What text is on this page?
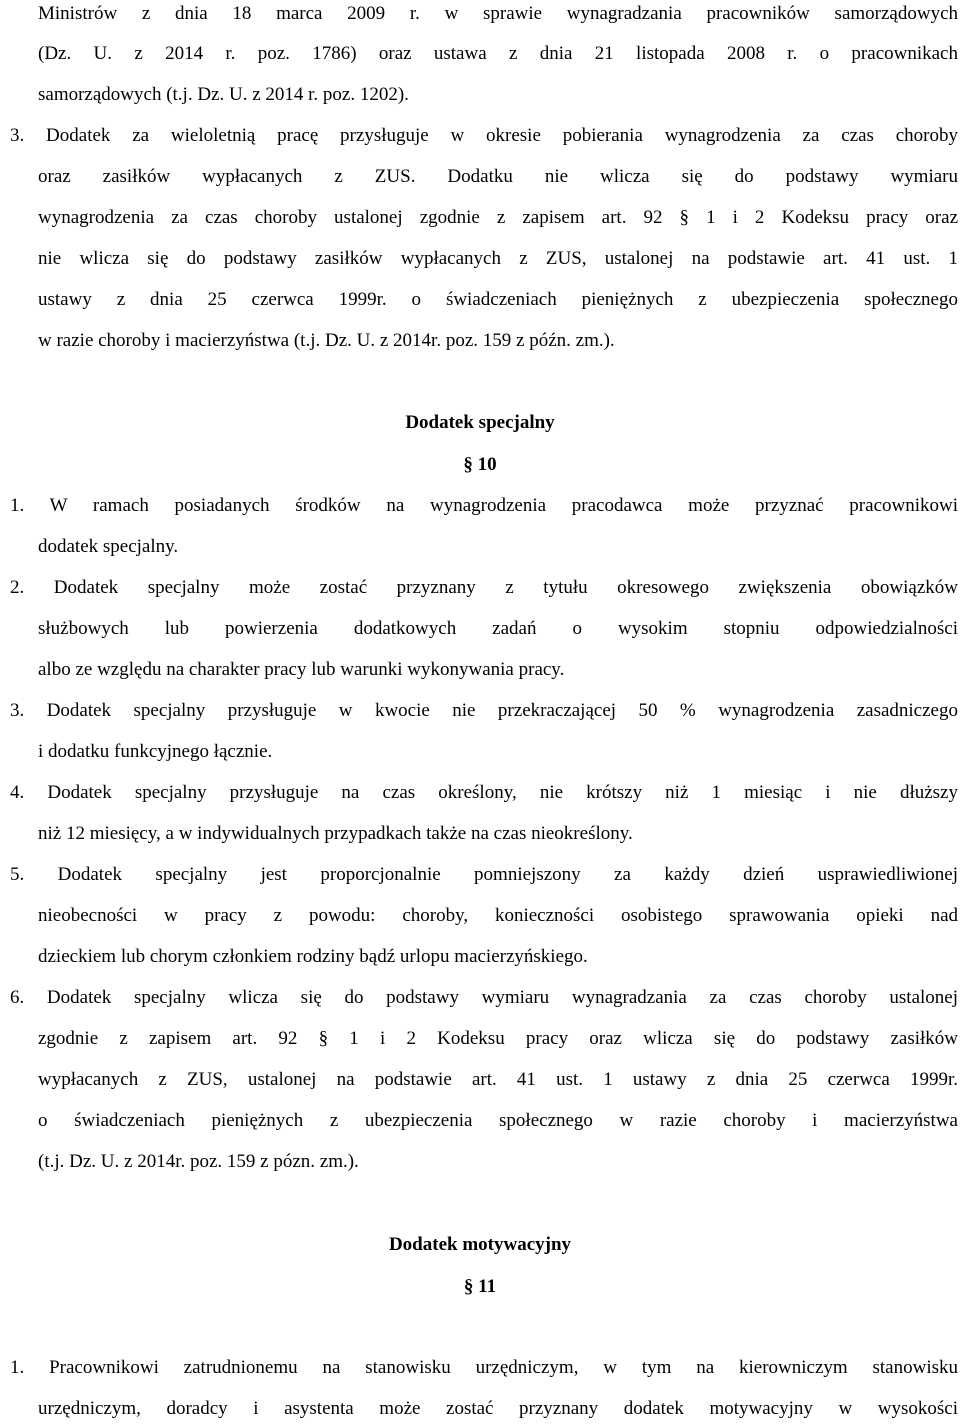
Ministrów z dnia 18 marca 2009 r. w sprawie wynagradzania pracowników samorządowych
(Dz. U. z 2014 r. poz. 1786) oraz ustawa z dnia 21 listopada 2008 r. o pracownikach
samorządowych (t.j. Dz. U. z 2014 r. poz. 1202).
3. Dodatek za wieloletnią pracę przysługuje w okresie pobierania wynagrodzenia za czas choroby
oraz zasiłków wypłacanych z ZUS. Dodatku nie wlicza się do podstawy wymiaru
wynagrodzenia za czas choroby ustalonej zgodnie z zapisem art. 92 § 1 i 2 Kodeksu pracy oraz
nie wlicza się do podstawy zasiłków wypłacanych z ZUS, ustalonej na podstawie art. 41 ust. 1
ustawy z dnia 25 czerwca 1999r. o świadczeniach pieniężnych z ubezpieczenia społecznego
w razie choroby i macierzyństwa (t.j. Dz. U. z 2014r. poz. 159 z późn. zm.).
Dodatek specjalny
§ 10
1. W ramach posiadanych środków na wynagrodzenia pracodawca może przyznać pracownikowi
dodatek specjalny.
2. Dodatek specjalny może zostać przyznany z tytułu okresowego zwiększenia obowiązków
służbowych lub powierzenia dodatkowych zadań o wysokim stopniu odpowiedzialności
albo ze względu na charakter pracy lub warunki wykonywania pracy.
3. Dodatek specjalny przysługuje w kwocie nie przekraczającej 50 % wynagrodzenia zasadniczego
i dodatku funkcyjnego łącznie.
4. Dodatek specjalny przysługuje na czas określony, nie krótszy niż 1 miesiąc i nie dłuższy
niż 12 miesięcy, a w indywidualnych przypadkach także na czas nieokreślony.
5. Dodatek specjalny jest proporcjonalnie pomniejszony za każdy dzień usprawiedliwionej
nieobecności w pracy z powodu: choroby, konieczności osobistego sprawowania opieki nad
dzieckiem lub chorym członkiem rodziny bądź urlopu macierzyńskiego.
6. Dodatek specjalny wlicza się do podstawy wymiaru wynagradzania za czas choroby ustalonej
zgodnie z zapisem art. 92 § 1 i 2 Kodeksu pracy oraz wlicza się do podstawy zasiłków
wypłacanych z ZUS, ustalonej na podstawie art. 41 ust. 1 ustawy z dnia 25 czerwca 1999r.
o świadczeniach pieniężnych z ubezpieczenia społecznego w razie choroby i macierzyństwa
(t.j. Dz. U. z 2014r. poz. 159 z pózn. zm.).
Dodatek motywacyjny
§ 11
1. Pracownikowi zatrudnionemu na stanowisku urzędniczym, w tym na kierowniczym stanowisku
urzędniczym, doradcy i asystenta może zostać przyznany dodatek motywacyjny w wysokości
